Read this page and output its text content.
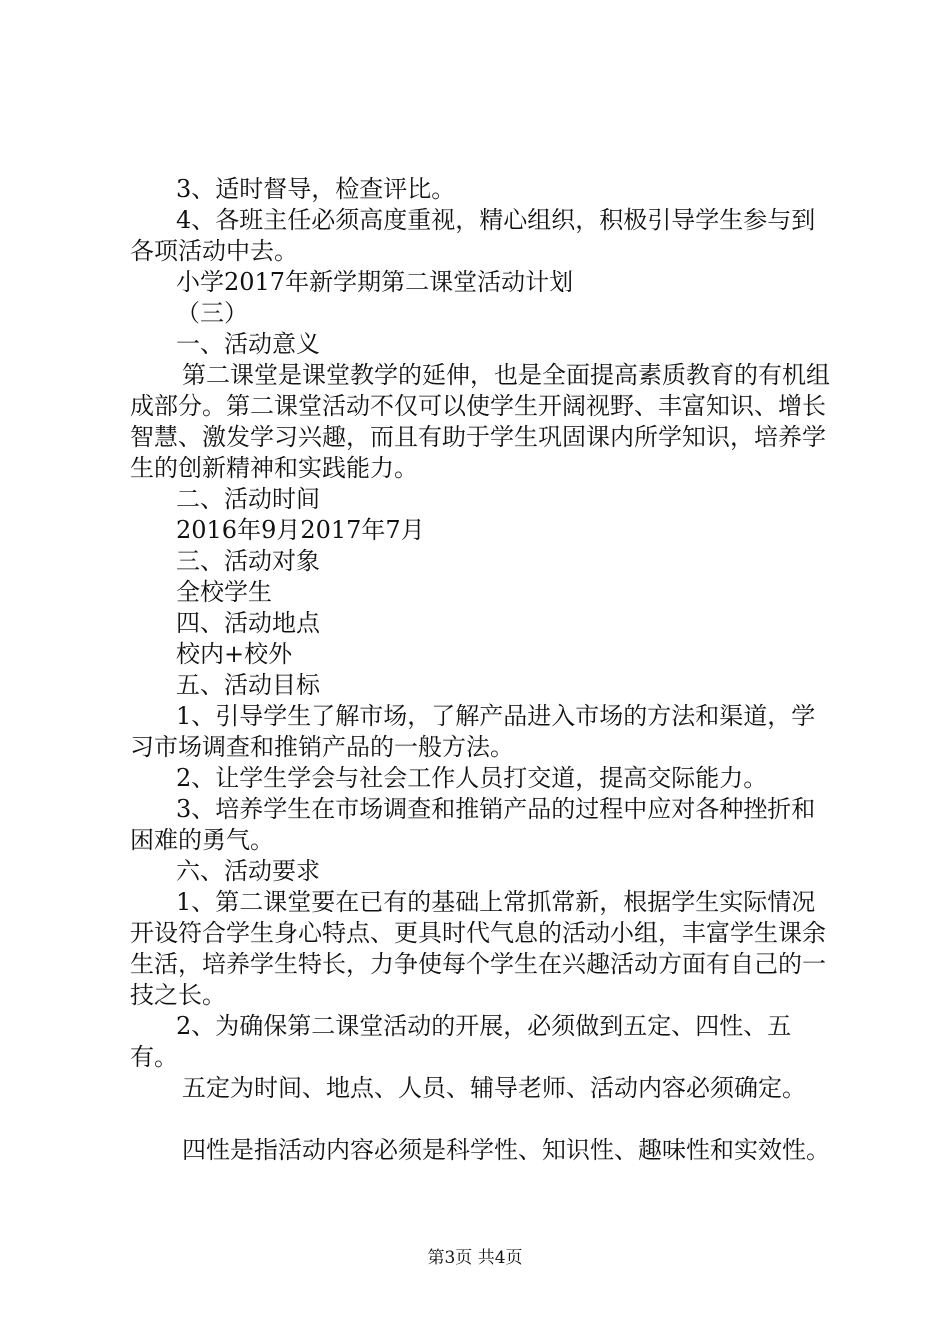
3、适时督导，检查评比。

4、各班主任必须高度重视，精心组织，积极引导学生参与到各项活动中去。

小学2017年新学期第二课堂活动计划

（三）

一、活动意义

第二课堂是课堂教学的延伸，也是全面提高素质教育的有机组成部分。第二课堂活动不仅可以使学生开阔视野、丰富知识、增长智慧、激发学习兴趣，而且有助于学生巩固课内所学知识，培养学生的创新精神和实践能力。

二、活动时间

2016年9月2017年7月

三、活动对象

全校学生

四、活动地点

校内+校外

五、活动目标

1、引导学生了解市场，了解产品进入市场的方法和渠道，学习市场调查和推销产品的一般方法。

2、让学生学会与社会工作人员打交道，提高交际能力。

3、培养学生在市场调查和推销产品的过程中应对各种挫折和困难的勇气。

六、活动要求

1、第二课堂要在已有的基础上常抓常新，根据学生实际情况开设符合学生身心特点、更具时代气息的活动小组，丰富学生课余生活，培养学生特长，力争使每个学生在兴趣活动方面有自己的一技之长。

2、为确保第二课堂活动的开展，必须做到五定、四性、五有。

五定为时间、地点、人员、辅导老师、活动内容必须确定。

四性是指活动内容必须是科学性、知识性、趣味性和实效性。

第3页 共4页
